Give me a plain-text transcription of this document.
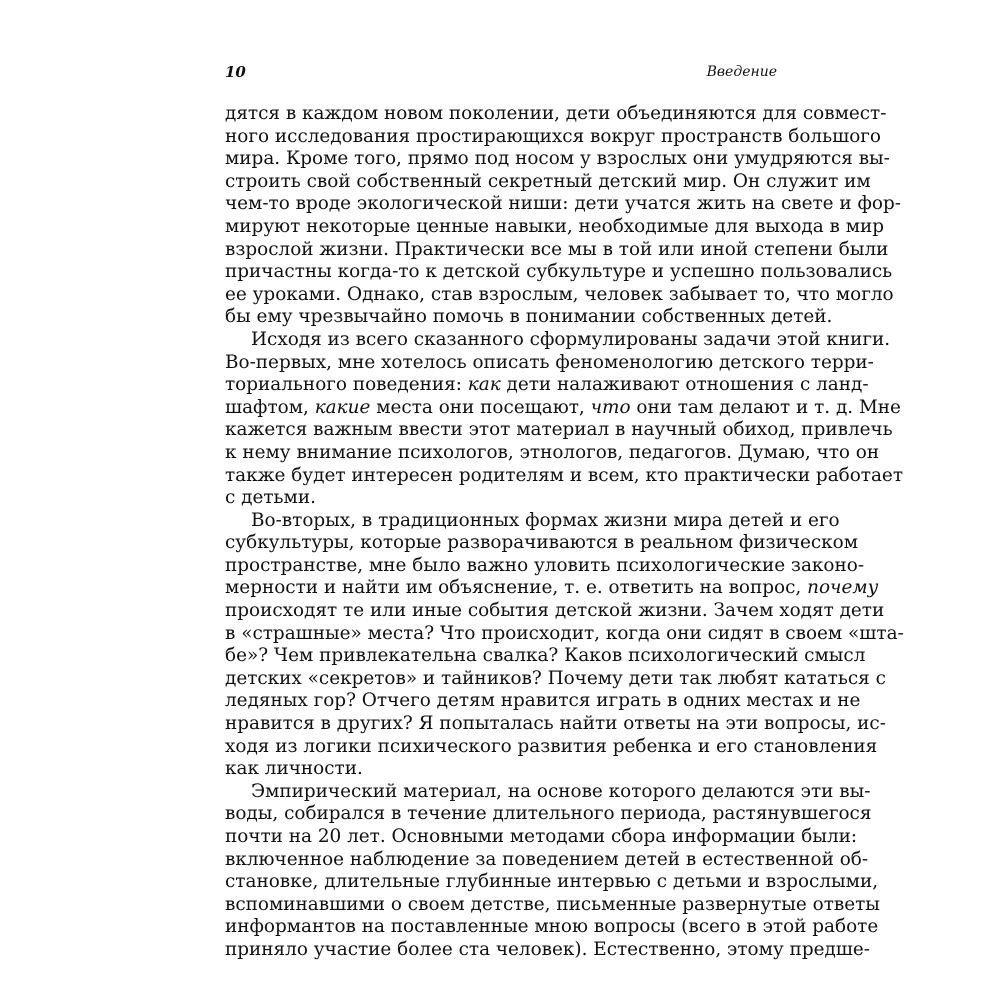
10	Введение
дятся в каждом новом поколении, дети объединяются для совмест-
ного исследования простирающихся вокруг пространств большого
мира. Кроме того, прямо под носом у взрослых они умудряются вы-
строить свой собственный секретный детский мир. Он служит им
чем-то вроде экологической ниши: дети учатся жить на свете и фор-
мируют некоторые ценные навыки, необходимые для выхода в мир
взрослой жизни. Практически все мы в той или иной степени были
причастны когда-то к детской субкультуре и успешно пользовались
ее уроками. Однако, став взрослым, человек забывает то, что могло
бы ему чрезвычайно помочь в понимании собственных детей.
Исходя из всего сказанного сформулированы задачи этой книги.
Во-первых, мне хотелось описать феноменологию детского терри-
ториального поведения: как дети налаживают отношения с ланд-
шафтом, какие места они посещают, что они там делают и т. д. Мне
кажется важным ввести этот материал в научный обиход, привлечь
к нему внимание психологов, этнологов, педагогов. Думаю, что он
также будет интересен родителям и всем, кто практически работает
с детьми.
Во-вторых, в традиционных формах жизни мира детей и его
субкультуры, которые разворачиваются в реальном физическом
пространстве, мне было важно уловить психологические законо-
мерности и найти им объяснение, т. е. ответить на вопрос, почему
происходят те или иные события детской жизни. Зачем ходят дети
в «страшные» места? Что происходит, когда они сидят в своем «шта-
бе»? Чем привлекательна свалка? Каков психологический смысл
детских «секретов» и тайников? Почему дети так любят кататься с
ледяных гор? Отчего детям нравится играть в одних местах и не
нравится в других? Я попыталась найти ответы на эти вопросы, ис-
ходя из логики психического развития ребенка и его становления
как личности.
Эмпирический материал, на основе которого делаются эти вы-
воды, собирался в течение длительного периода, растянувшегося
почти на 20 лет. Основными методами сбора информации были:
включенное наблюдение за поведением детей в естественной об-
становке, длительные глубинные интервью с детьми и взрослыми,
вспоминавшими о своем детстве, письменные развернутые ответы
информантов на поставленные мною вопросы (всего в этой работе
приняло участие более ста человек). Естественно, этому предше-
